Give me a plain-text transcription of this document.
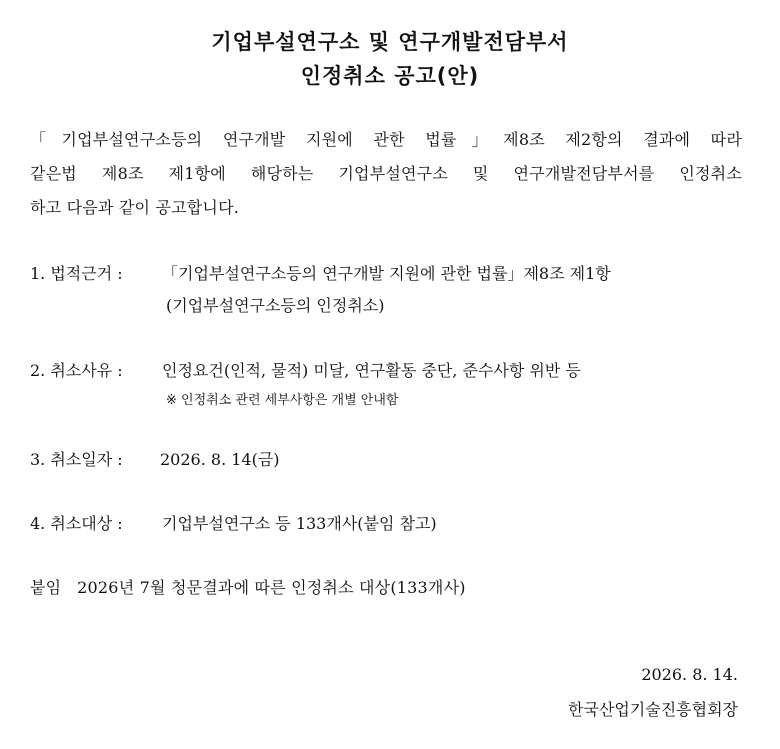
기업부설연구소 및 연구개발전담부서
인정취소 공고(안)
「기업부설연구소등의 연구개발 지원에 관한 법률」제8조 제2항의 결과에 따라
같은법 제8조 제1항에 해당하는 기업부설연구소 및 연구개발전담부서를 인정취소
하고 다음과 같이 공고합니다.
1. 법적근거 : 「기업부설연구소등의 연구개발 지원에 관한 법률」제8조 제1항
(기업부설연구소등의 인정취소)
2. 취소사유 : 인정요건(인적, 물적) 미달, 연구활동 중단, 준수사항 위반 등
※ 인정취소 관련 세부사항은 개별 안내함
3. 취소일자 : 2026. 8. 14(금)
4. 취소대상 : 기업부설연구소 등 133개사(붙임 참고)
붙임   2026년 7월 청문결과에 따른 인정취소 대상(133개사)
2026. 8. 14.
한국산업기술진흥협회장
